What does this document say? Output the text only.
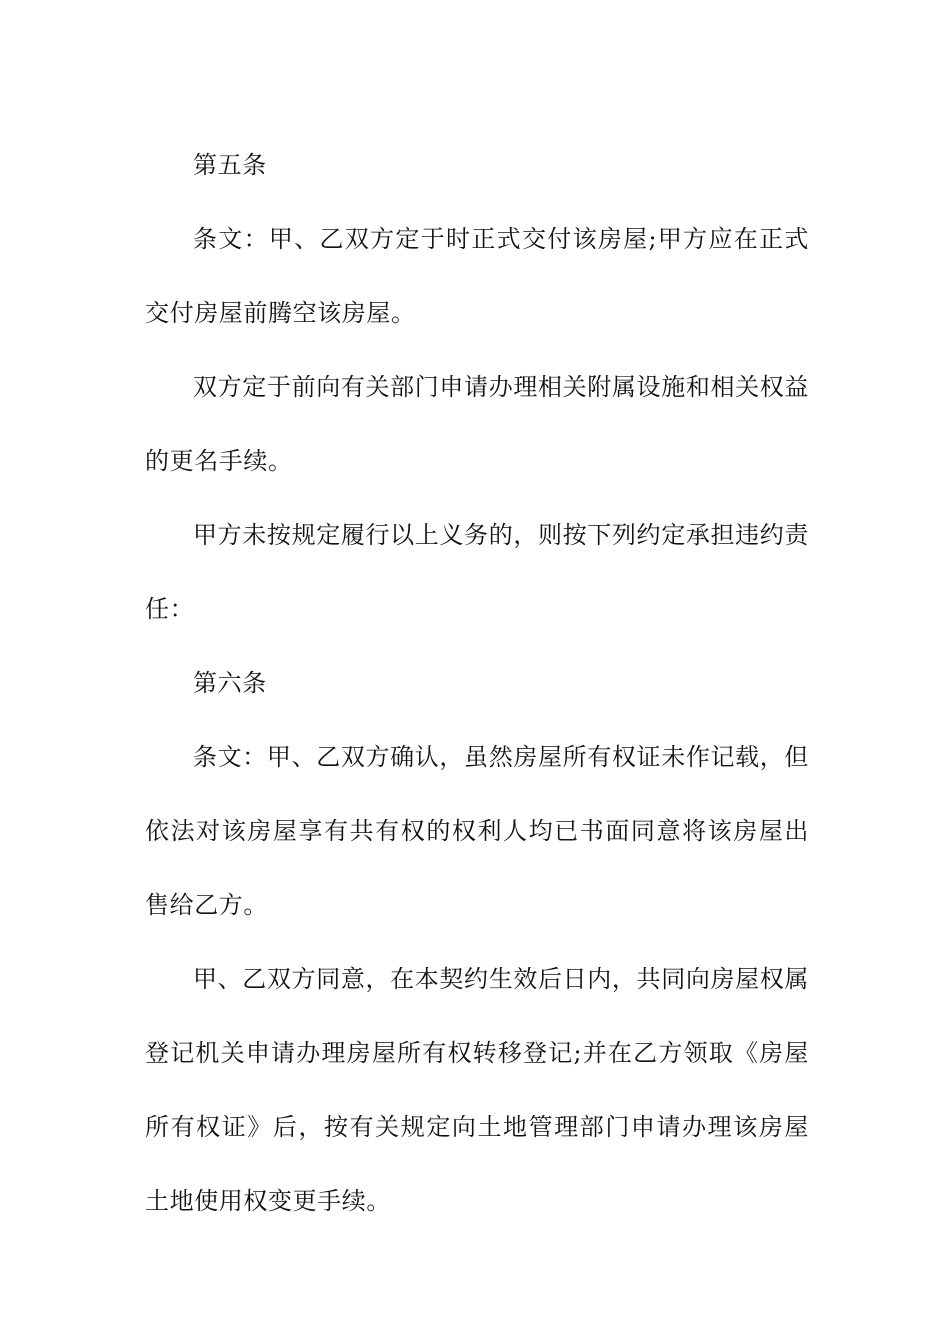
第五条

条文：甲、乙双方定于时正式交付该房屋;甲方应在正式交付房屋前腾空该房屋。

双方定于前向有关部门申请办理相关附属设施和相关权益的更名手续。

甲方未按规定履行以上义务的，则按下列约定承担违约责任：

第六条

条文：甲、乙双方确认，虽然房屋所有权证未作记载，但依法对该房屋享有共有权的权利人均已书面同意将该房屋出售给乙方。

甲、乙双方同意，在本契约生效后日内，共同向房屋权属登记机关申请办理房屋所有权转移登记;并在乙方领取《房屋所有权证》后，按有关规定向土地管理部门申请办理该房屋土地使用权变更手续。
